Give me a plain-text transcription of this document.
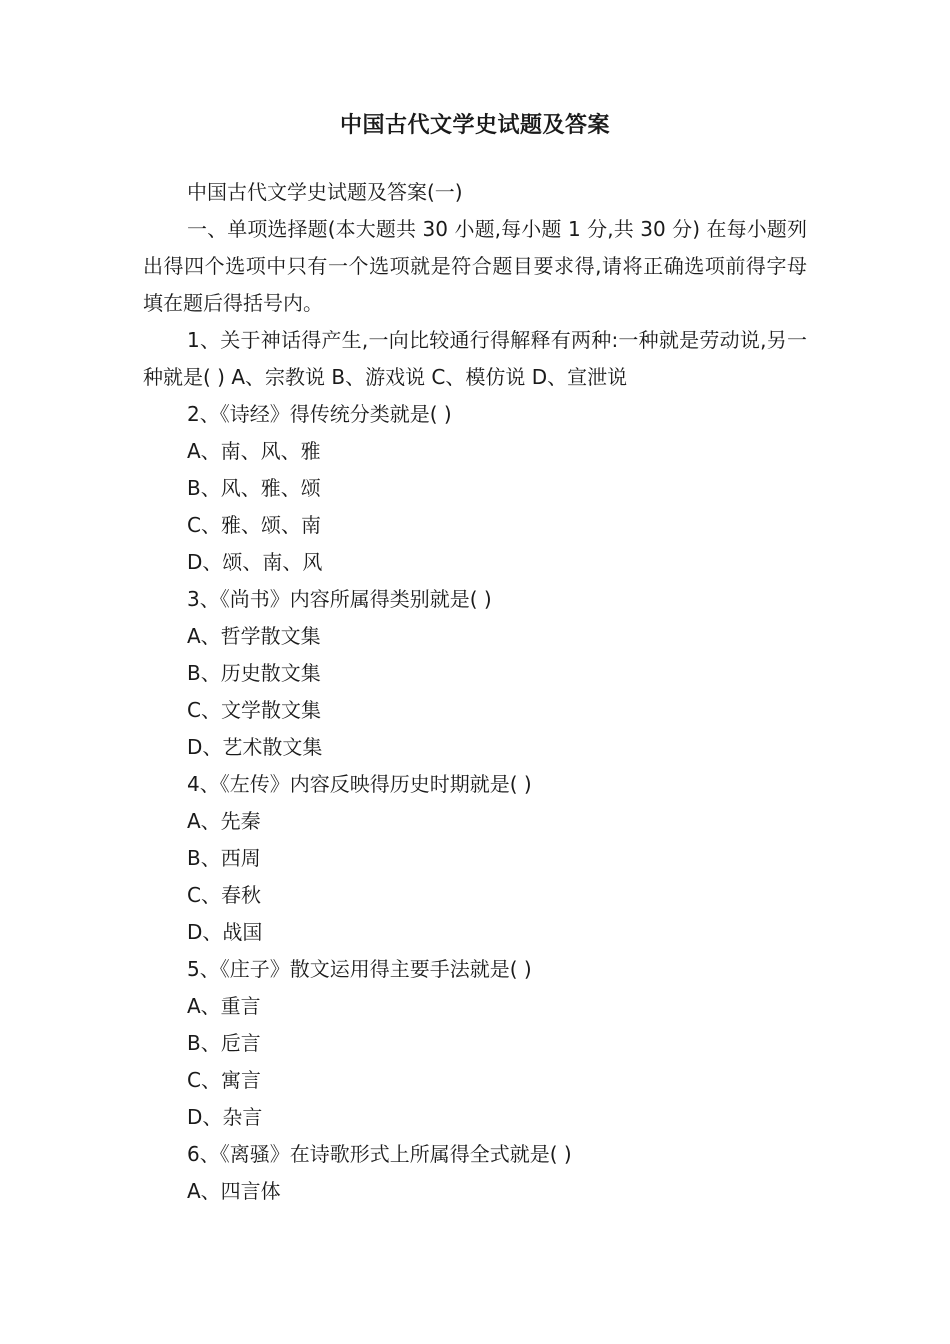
中国古代文学史试题及答案

中国古代文学史试题及答案(一)

一、单项选择题(本大题共 30 小题,每小题 1 分,共 30 分) 在每小题列出得四个选项中只有一个选项就是符合题目要求得,请将正确选项前得字母填在题后得括号内。

1、关于神话得产生,一向比较通行得解释有两种:一种就是劳动说,另一种就是( ) A、宗教说 B、游戏说 C、模仿说 D、宣泄说

2、《诗经》得传统分类就是( )

A、南、风、雅

B、风、雅、颂

C、雅、颂、南

D、颂、南、风

3、《尚书》内容所属得类别就是( )

A、哲学散文集

B、历史散文集

C、文学散文集

D、艺术散文集

4、《左传》内容反映得历史时期就是( )

A、先秦

B、西周

C、春秋

D、战国

5、《庄子》散文运用得主要手法就是( )

A、重言

B、卮言

C、寓言

D、杂言

6、《离骚》在诗歌形式上所属得全式就是( )

A、四言体
